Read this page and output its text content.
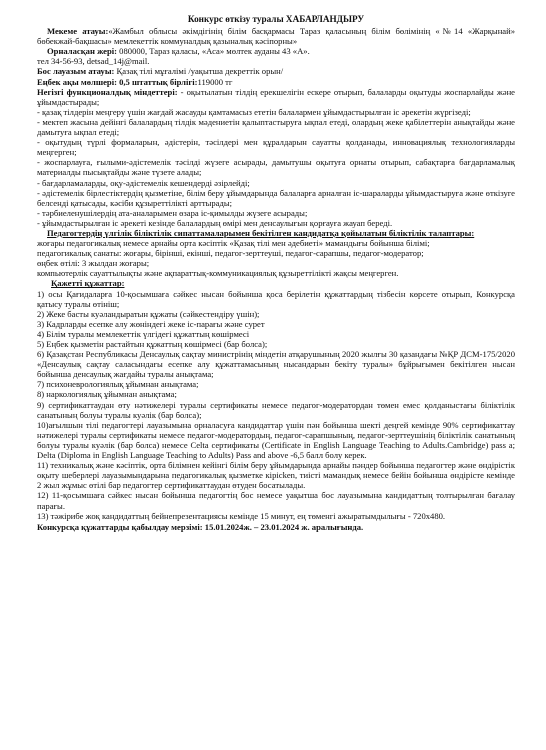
Конкурс өткізу туралы ХАБАРЛАНДЫРУ

Мекеме атауы:«Жамбыл облысы әкімдігінің білім басқармасы Тараз қаласының білім бөлімінің «№14 «Жарқынай» бөбекжай-бақшасы» мемлекеттік коммуналдық қазыналық кәсіпорны»

Орналасқан жері: 080000, Тараз қаласы, «Аса» мөлтек ауданы 43 «А».

тел 34-56-93, detsad_14j@mail.

Бос лауазым атауы: Қазақ тілі мұғалімі /уақытша декреттік орын/

Еңбек ақы мөлшері: 0,5 штаттық бірлігі:119000 тг

Негізгі функционалдық міндеттері: - оқытылатын тілдің ерекшелігін ескере отырып, балаларды оқытуды жоспарлайды және ұйымдастырады;

- қазақ тілдерін меңгеру үшін жағдай жасауды қамтамасыз ететін балалармен ұйымдастырылған іс әрекетін жүргізеді;

- мектеп жасына дейінгі балалардың тілдік мәдениетін қалыптастыруға ықпал етеді, олардың жеке қабілеттерін анықтайды және дамытуға ықпал етеді;

- оқытудың түрлі формаларын, әдістерін, тәсілдері мен құралдарын сауатты қолданады, инновациялық технологияларды меңгерген;

- жоспарлауға, ғылыми-әдістемелік тәсілді жүзеге асырады, дамытушы оқытуға орнаты отырып, сабақтарға бағдарламалық материалды пысықтайды және түзете алады;

- бағдарламаларды, оқу-әдістемелік кешендерді әзірлейді;

- әдістемелік бірлестіктердің қызметіне, білім беру ұйымдарында балаларға арналған іс-шараларды ұйымдастыруға және өткізуге белсенді қатысады, кәсіби құзыреттілікті арттырады;

- тәрбиеленушілердің ата-аналарымен өзара іс-қимылды жүзеге асырады;

- ұйымдастырылған іс әрекеті кезінде балалардың өмірі мен денсаулығын қорғауға жауап береді.

Педагогтердің үлгілік біліктілік сипаттамаларымен бекітілген кандидатқа қойылатын біліктілік талаптары:

жоғары педагогикалық немесе арнайы орта кәсіптік «Қазақ тілі мен әдебиеті» мамандығы бойынша білімі;

педагогикалық санаты: жоғары, бірінші, екінші, педагог-зерттеуші, педагог-сарапшы, педагог-модератор;

өңбек өтілі: 3 жылдан жоғары;

компьютерлік сауаттылықты және ақпараттық-коммуникациялық құзыреттілікті жақсы меңгерген.

Қажетті құжаттар:

1) осы Қағидаларға 10-қосымшаға сәйкес нысан бойынша қоса берілетін құжаттардың тізбесін көрсете отырып, Конкурсқа қатысу туралы өтініш;

2) Жеке басты куәландыратын құжаты (сәйкестендіру үшін);

3) Кадрларды есепке алу жөніндегі жеке іс-парағы және сурет

4) Білім туралы мемлекеттік үлгідегі құжаттың көшірмесі

5) Еңбек қызметін растайтын құжаттың көшірмесі (бар болса);

6) Қазақстан Республикасы Денсаулық сақтау министрінің міндетін атқарушының 2020 жылғы 30 қазандағы №ҚР ДСМ-175/2020 «Денсаулық сақтау саласындағы есепке алу құжаттамасының нысандарын бекіту туралы» бұйрығымен бекітілген нысан бойынша денсаулық жағдайы туралы анықтама;

7) психоневрологиялық ұйымнан анықтама;

8) наркологиялық ұйымнан анықтама;

9) сертификаттаудан өту нәтижелері туралы сертификаты немесе педагог-модератордан төмен емес қолданыстағы біліктілік санатының болуы туралы куәлік (бар болса);

10)ағылшын тілі педагогтері лауазымына орналасуға кандидаттар үшін пән бойынша шекті деңгей кемінде 90% сертификаттау нәтижелері туралы сертификаты немесе педагог-модератордың, педагог-сарапшының, педагог-зерттеушінің біліктілік санатының болуы туралы куәлік (бар болса) немесе Celta сертификаты (Certificate in English Language Teaching to Adults.Cambridge) pass а; Delta (Diploma in English Language Teaching to Adults) Pass and above -6,5 балл болу керек.

11) техникалық және кәсіптік, орта білімнен кейінгі білім беру ұйымдарында арнайы пәндер бойынша педагогтер және өндірістік оқыту шеберлері лауазымындарына педагогикалық қызметке кірісken, тиісті мамандық немесе бейін бойынша өндірісте кемінде 2 жыл жұмыс өтілі бар педагогтер сертификаттаудан өтуден босатылады.

12) 11-қосымшаға сәйкес нысан бойынша педагогтің бос немесе уақытша бос лауазымына кандидаттың толтырылған бағалау парағы.

13) тәжірибе жоқ кандидаттың бейнепрезентациясы кемінде 15 минут, ең төменгі ажыратымдылығы - 720х480.

Конкурсқа құжаттарды қабылдау мерзімі: 15.01.2024ж. – 23.01.2024 ж. аралығында.
